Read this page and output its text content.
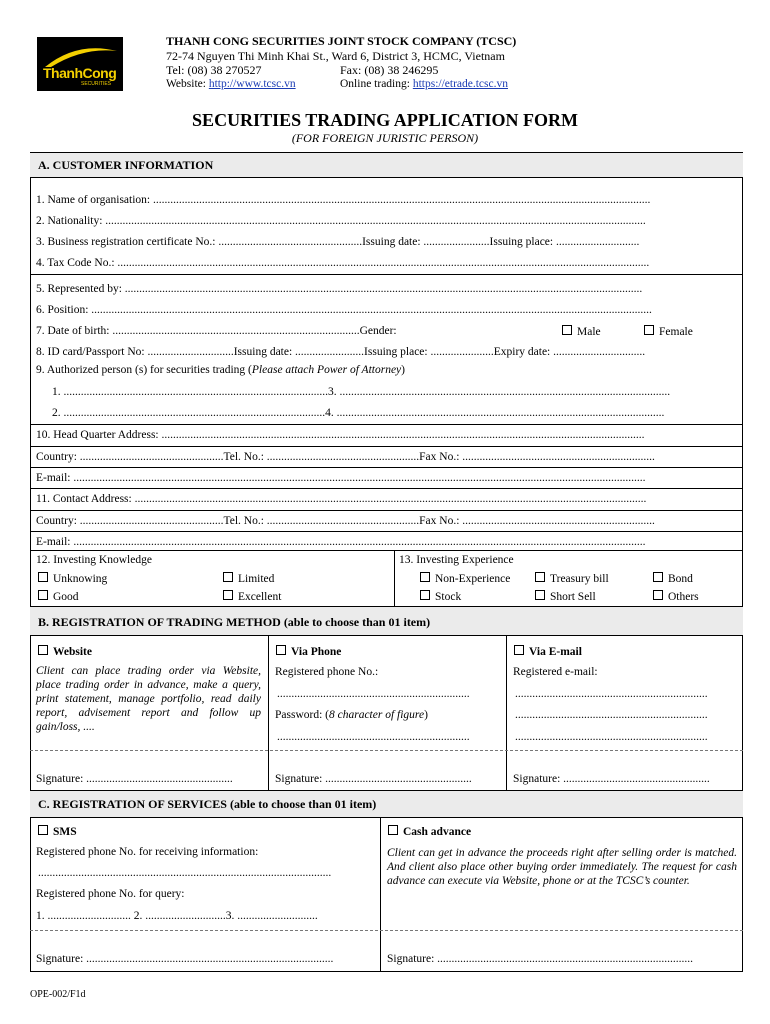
ThanhCong
SECURITIES
THANH CONG SECURITIES JOINT STOCK COMPANY (TCSC)
72-74 Nguyen Thi Minh Khai St., Ward 6, District 3, HCMC, Vietnam
Tel: (08) 38 270527	Fax: (08) 38 246295
Website: http://www.tcsc.vn	Online trading: https://etrade.tcsc.vn
SECURITIES TRADING APPLICATION FORM
(FOR FOREIGN JURISTIC PERSON)
A. CUSTOMER INFORMATION
1. Name of organisation: .............................................................................................................................................................................
2. Nationality: ............................................................................................................................................................................................
3. Business registration certificate No.: ..................................................Issuing date: .......................Issuing place: .............................
4. Tax Code No.: .........................................................................................................................................................................................
5. Represented by: ....................................................................................................................................................................................
6. Position: ...................................................................................................................................................................................................
7. Date of birth: ......................................................................................Gender:	Male	Female
8. ID card/Passport No: ..............................Issuing date: ........................Issuing place: ......................Expiry date: ................................
9. Authorized person (s) for securities trading (Please attach Power of Attorney)
1. ............................................................................................3. ...................................................................................................................
2. ...........................................................................................4. ..................................................................................................................
10. Head Quarter Address: ........................................................................................................................................................................
Country: ..................................................Tel. No.: .....................................................Fax No.: ...................................................................
E-mail: .......................................................................................................................................................................................................
11. Contact Address: ..................................................................................................................................................................................
Country: ..................................................Tel. No.: .....................................................Fax No.: ...................................................................
E-mail: .......................................................................................................................................................................................................
12. Investing Knowledge
Unknowing	Limited
Good	Excellent
13. Investing Experience
Non-Experience	Treasury bill	Bond
Stock	Short Sell	Others
B. REGISTRATION OF TRADING METHOD (able to choose than 01 item)
Website
Client can place trading order via Website, place trading order in advance, make a query, print statement, manage portfolio, read daily report, advisement report and follow up gain/loss, ....
Via Phone
Registered phone No.:
...................................................................
Password: (8 character of figure)
...................................................................
Via E-mail
Registered e-mail:
...................................................................
...................................................................
...................................................................
Signature: ...................................................	Signature: ...................................................	Signature: ...................................................
C. REGISTRATION OF SERVICES (able to choose than 01 item)
SMS
Registered phone No. for receiving information:
......................................................................................................
Registered phone No. for query:
1. ............................. 2. ............................3. ............................
Cash advance
Client can get in advance the proceeds right after selling order is matched. And client also place other buying order immediately. The request for cash advance can execute via Website, phone or at the TCSC’s counter.
Signature: ......................................................................................	Signature: .........................................................................................
OPE-002/F1d
